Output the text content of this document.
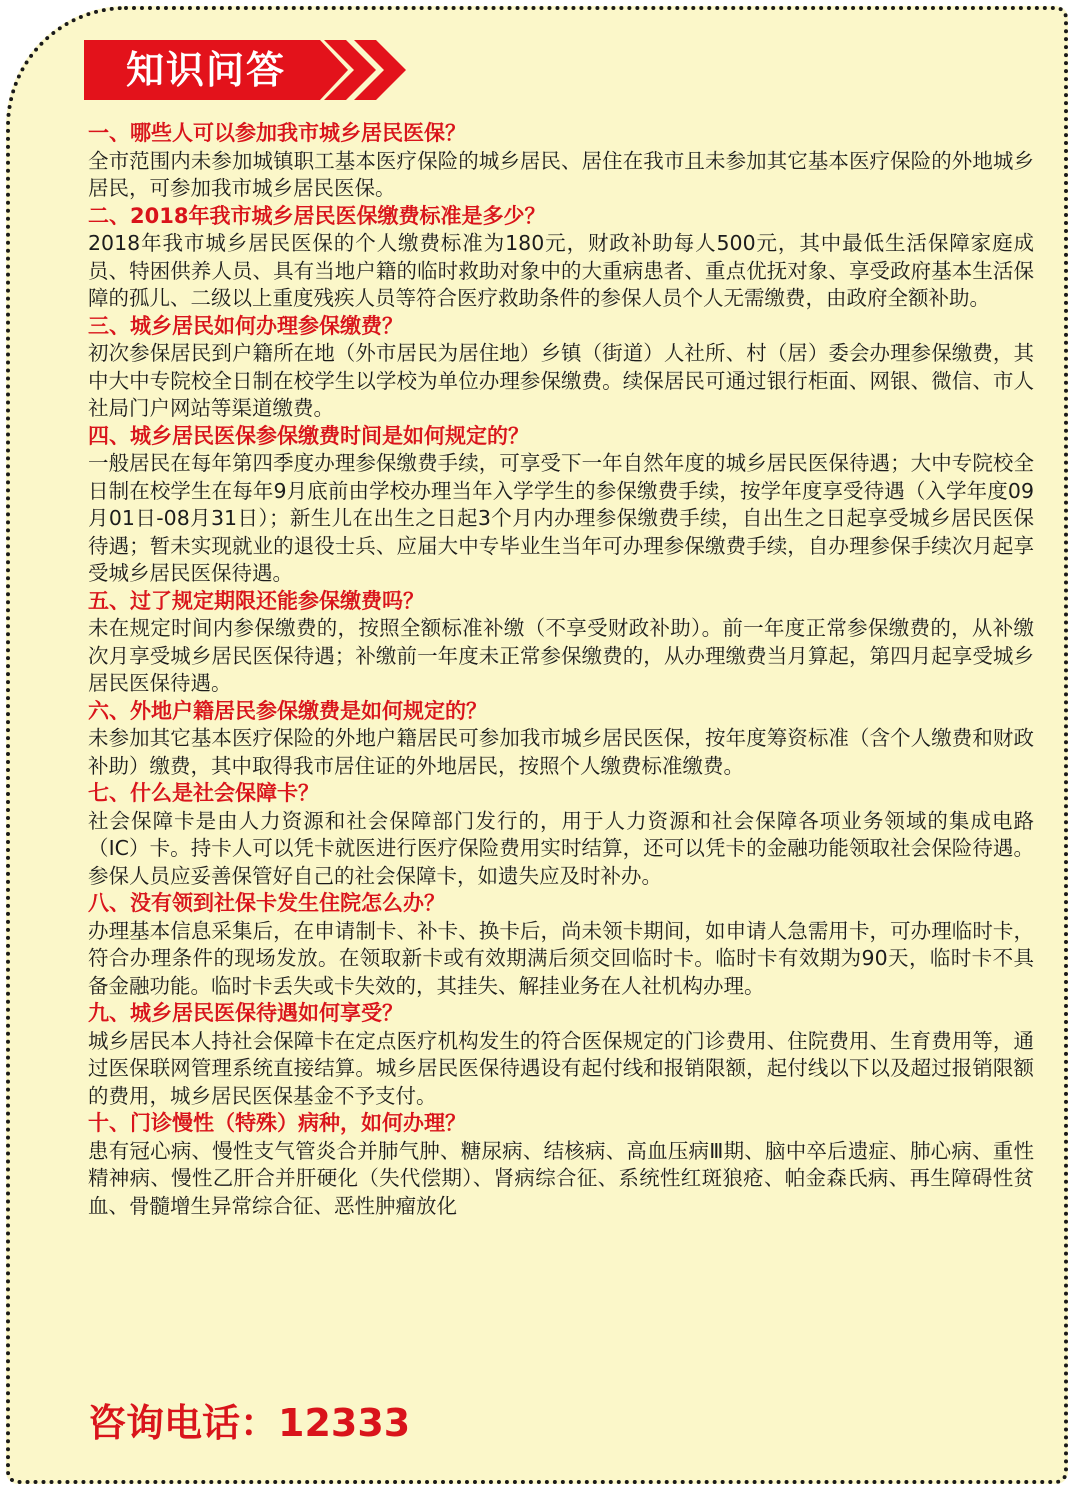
知识问答
一、哪些人可以参加我市城乡居民医保？
全市范围内未参加城镇职工基本医疗保险的城乡居民、居住在我市且未参加其它基本医疗保险的外地城乡居民，可参加我市城乡居民医保。
二、2018年我市城乡居民医保缴费标准是多少？
2018年我市城乡居民医保的个人缴费标准为180元，财政补助每人500元，其中最低生活保障家庭成员、特困供养人员、具有当地户籍的临时救助对象中的大重病患者、重点优抚对象、享受政府基本生活保障的孤儿、二级以上重度残疾人员等符合医疗救助条件的参保人员个人无需缴费，由政府全额补助。
三、城乡居民如何办理参保缴费？
初次参保居民到户籍所在地（外市居民为居住地）乡镇（街道）人社所、村（居）委会办理参保缴费，其中大中专院校全日制在校学生以学校为单位办理参保缴费。续保居民可通过银行柜面、网银、微信、市人社局门户网站等渠道缴费。
四、城乡居民医保参保缴费时间是如何规定的？
一般居民在每年第四季度办理参保缴费手续，可享受下一年自然年度的城乡居民医保待遇；大中专院校全日制在校学生在每年9月底前由学校办理当年入学学生的参保缴费手续，按学年度享受待遇（入学年度09月01日-08月31日）；新生儿在出生之日起3个月内办理参保缴费手续，自出生之日起享受城乡居民医保待遇；暂未实现就业的退役士兵、应届大中专毕业生当年可办理参保缴费手续，自办理参保手续次月起享受城乡居民医保待遇。
五、过了规定期限还能参保缴费吗？
未在规定时间内参保缴费的，按照全额标准补缴（不享受财政补助）。前一年度正常参保缴费的，从补缴次月享受城乡居民医保待遇；补缴前一年度未正常参保缴费的，从办理缴费当月算起，第四月起享受城乡居民医保待遇。
六、外地户籍居民参保缴费是如何规定的？
未参加其它基本医疗保险的外地户籍居民可参加我市城乡居民医保，按年度筹资标准（含个人缴费和财政补助）缴费，其中取得我市居住证的外地居民，按照个人缴费标准缴费。
七、什么是社会保障卡？
社会保障卡是由人力资源和社会保障部门发行的，用于人力资源和社会保障各项业务领域的集成电路（IC）卡。持卡人可以凭卡就医进行医疗保险费用实时结算，还可以凭卡的金融功能领取社会保险待遇。参保人员应妥善保管好自己的社会保障卡，如遗失应及时补办。
八、没有领到社保卡发生住院怎么办？
办理基本信息采集后，在申请制卡、补卡、换卡后，尚未领卡期间，如申请人急需用卡，可办理临时卡，符合办理条件的现场发放。在领取新卡或有效期满后须交回临时卡。临时卡有效期为90天，临时卡不具备金融功能。临时卡丢失或卡失效的，其挂失、解挂业务在人社机构办理。
九、城乡居民医保待遇如何享受？
城乡居民本人持社会保障卡在定点医疗机构发生的符合医保规定的门诊费用、住院费用、生育费用等，通过医保联网管理系统直接结算。城乡居民医保待遇设有起付线和报销限额，起付线以下以及超过报销限额的费用，城乡居民医保基金不予支付。
十、门诊慢性（特殊）病种，如何办理？
患有冠心病、慢性支气管炎合并肺气肿、糖尿病、结核病、高血压病Ⅲ期、脑中卒后遗症、肺心病、重性精神病、慢性乙肝合并肝硬化（失代偿期）、肾病综合征、系统性红斑狼疮、帕金森氏病、再生障碍性贫血、骨髓增生异常综合征、恶性肿瘤放化
咨询电话：12333
